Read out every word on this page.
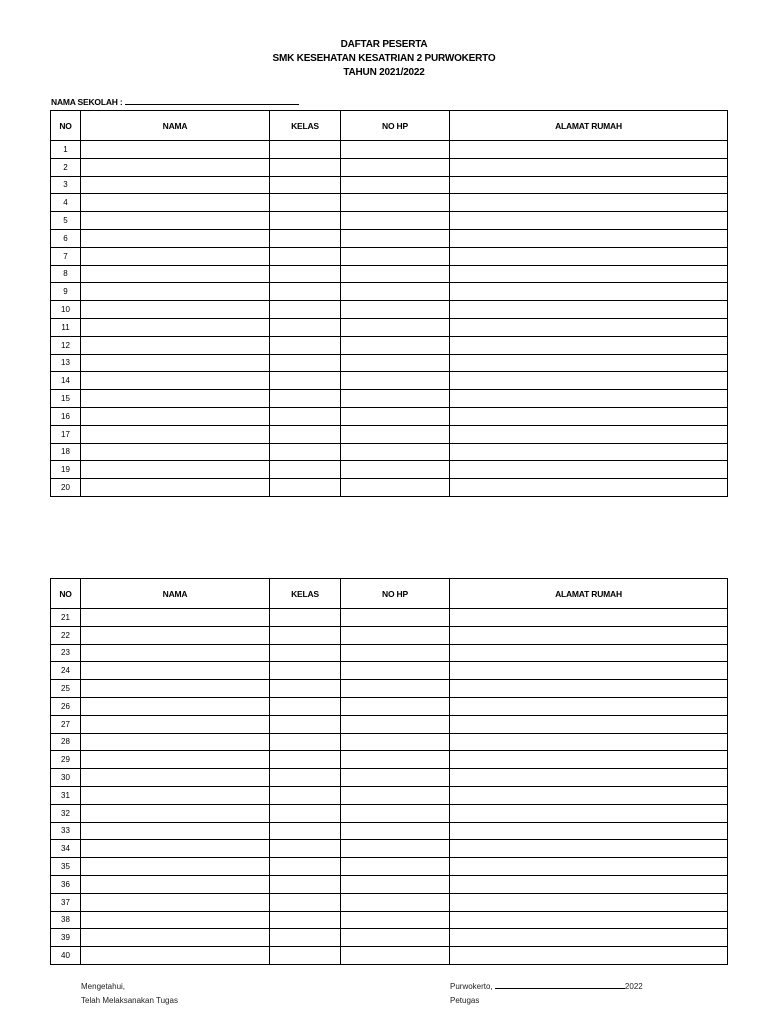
DAFTAR PESERTA
SMK KESEHATAN KESATRIAN 2 PURWOKERTO
TAHUN 2021/2022
NAMA SEKOLAH :
NO	NAMA	KELAS	NO HP	ALAMAT RUMAH
1				
2				
3				
4				
5				
6				
7				
8				
9				
10				
11				
12				
13				
14				
15				
16				
17				
18				
19				
20				
NO	NAMA	KELAS	NO HP	ALAMAT RUMAH
21				
22				
23				
24				
25				
26				
27				
28				
29				
30				
31				
32				
33				
34				
35				
36				
37				
38				
39				
40				
Mengetahui,
Telah Melaksanakan Tugas
Purwokerto,	2022
Petugas
